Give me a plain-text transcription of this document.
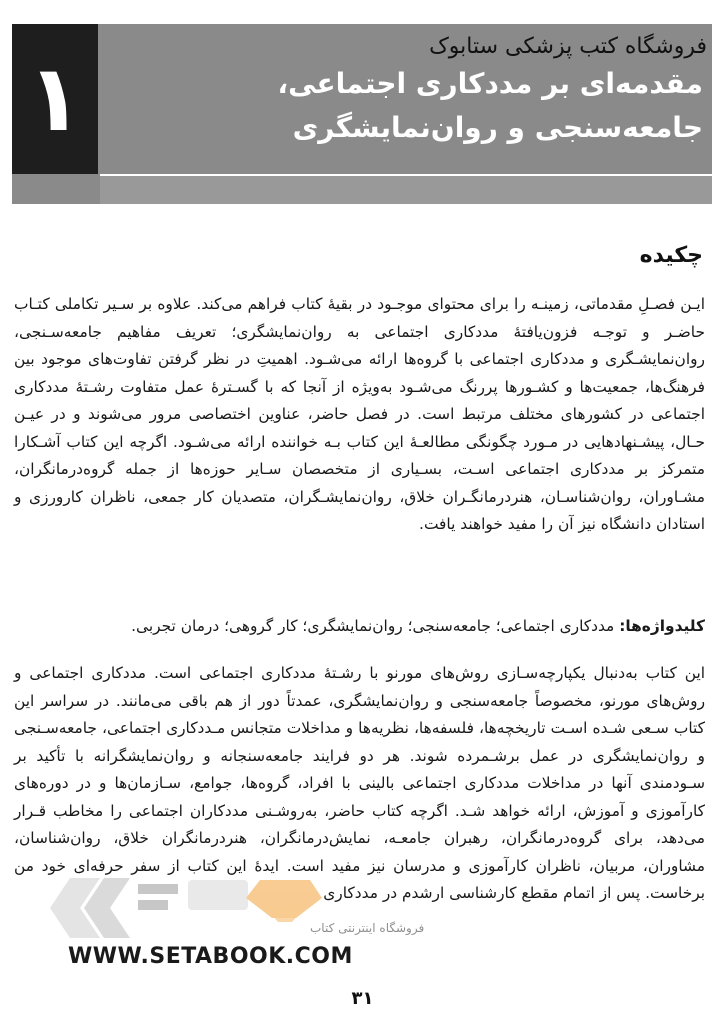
۱	فروشگاه کتب پزشکی ستابوک
مقدمه‌ای بر مددکاری اجتماعی،
جامعه‌سنجی و روان‌نمایشگری
چکیده

ایـن فصـلِ مقدماتی، زمینـه را برای محتوای موجـود در بقیهٔ کتاب فراهم می‌کند. علاوه بر سـیر تکاملی کتـاب حاضـر و توجـه فزون‌یافتهٔ مددکاری اجتماعی به روان‌نمایشگری؛ تعریف مفاهیم جامعه‌سـنجی، روان‌نمایشـگری و مددکاری اجتماعی با گروه‌ها ارائه می‌شـود. اهمیتِ در نظر گرفتن تفاوت‌های موجود بین فرهنگ‌ها، جمعیت‌ها و کشـورها پررنگ می‌شـود به‌ویژه از آنجا که با گسـترهٔ عمل متفاوت رشـتهٔ مددکاری اجتماعی در کشورهای مختلف مرتبط است. در فصل حاضر، عناوین اختصاصی مرور می‌شوند و در عیـن حـال، پیشـنهادهایی در مـورد چگونگی مطالعـهٔ این کتاب بـه خواننده ارائه می‌شـود. اگرچه این کتاب آشـکارا متمرکز بر مددکاری اجتماعی اسـت، بسـیاری از متخصصان سـایر حوزه‌ها از جمله گروه‌درمانگران، مشـاوران، روان‌شناسـان، هنردرمانگـران خلاق، روان‌نمایشـگران، متصدیان کار جمعی، ناظران کارورزی و استادان دانشگاه نیز آن را مفید خواهند یافت.

کلیدواژه‌ها: مددکاری اجتماعی؛ جامعه‌سنجی؛ روان‌نمایشگری؛ کار گروهی؛ درمان تجربی.

این کتاب به‌دنبال یکپارچه‌سـازی روش‌های مورنو با رشـتهٔ مددکاری اجتماعی است. مددکاری اجتماعی و روش‌های مورنو، مخصوصاً جامعه‌سنجی و روان‌نمایشگری، عمدتاً دور از هم باقی می‌مانند. در سراسر این کتاب سـعی شـده اسـت تاریخچه‌ها، فلسفه‌ها، نظریه‌ها و مداخلات متجانس مـددکاری اجتماعی، جامعه‌سـنجی و روان‌نمایشگری در عمل برشـمرده شوند. هر دو فرایند جامعه‌سنجانه و روان‌نمایشگرانه با تأکید بر سـودمندی آنها در مداخلات مددکاری اجتماعی بالینی با افراد، گروه‌ها، جوامع، سـازمان‌ها و در دوره‌های کارآموزی و آموزش، ارائه خواهد شـد. اگرچه کتاب حاضر، به‌روشـنی مددکاران اجتماعی را مخاطب قـرار می‌دهد، برای گروه‌درمانگران، رهبران جامعـه، نمایش‌درمانگران، هنردرمانگران خلاق، روان‌شناسان، مشاوران، مربیان، ناظران کارآموزی و مدرسان نیز مفید است. ایدهٔ این کتاب از سفر حرفه‌ای خود من برخاست. پس از اتمام مقطع کارشناسی ارشدم در مددکاری

فروشگاه اینترنتی کتاب
WWW.SETABOOK.COM
۳۱
